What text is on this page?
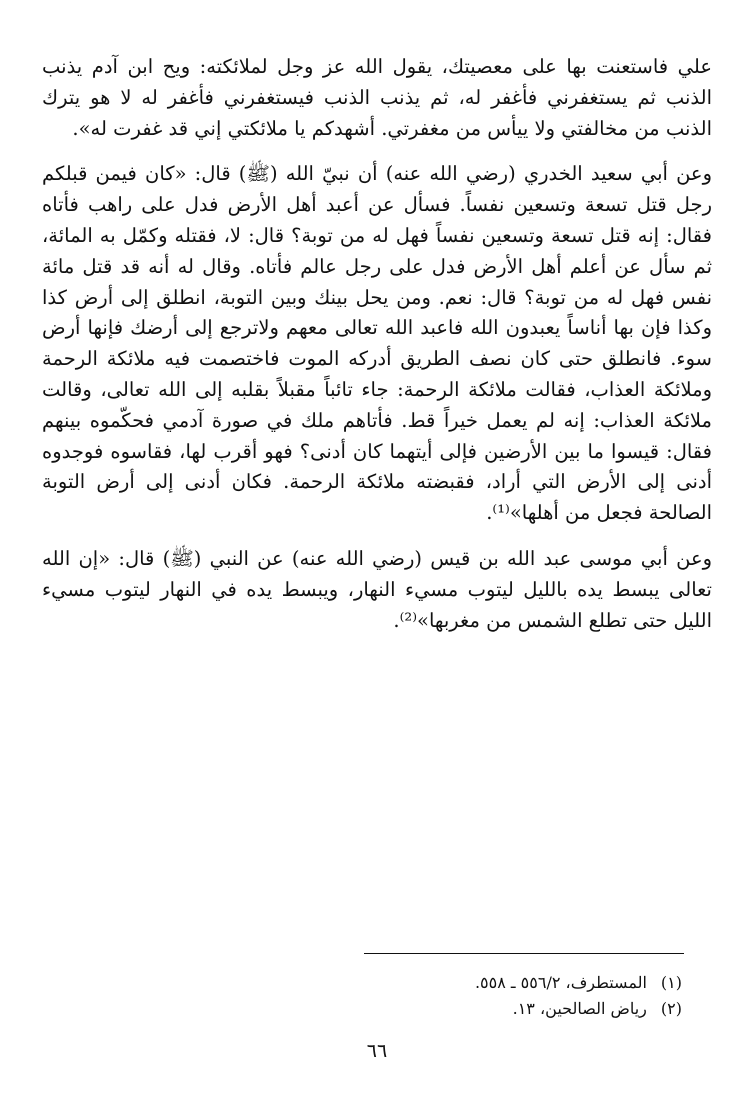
علي فاستعنت بها على معصيتك، يقول الله عز وجل لملائكته: ويح ابن آدم يذنب الذنب ثم يستغفرني فأغفر له، ثم يذنب الذنب فيستغفرني فأغفر له لا هو يترك الذنب من مخالفتي ولا ييأس من مغفرتي. أشهدكم يا ملائكتي إني قد غفرت له».

وعن أبي سعيد الخدري (رضي الله عنه) أن نبيّ الله (ﷺ) قال: «كان فيمن قبلكم رجل قتل تسعة وتسعين نفساً. فسأل عن أعبد أهل الأرض فدل على راهب فأتاه فقال: إنه قتل تسعة وتسعين نفساً فهل له من توبة؟ قال: لا، فقتله وكمّل به المائة، ثم سأل عن أعلم أهل الأرض فدل على رجل عالم فأتاه. وقال له أنه قد قتل مائة نفس فهل له من توبة؟ قال: نعم. ومن يحل بينك وبين التوبة، انطلق إلى أرض كذا وكذا فإن بها أناساً يعبدون الله فاعبد الله تعالى معهم ولاترجع إلى أرضك فإنها أرض سوء. فانطلق حتى كان نصف الطريق أدركه الموت فاختصمت فيه ملائكة الرحمة وملائكة العذاب، فقالت ملائكة الرحمة: جاء تائباً مقبلاً بقلبه إلى الله تعالى، وقالت ملائكة العذاب: إنه لم يعمل خيراً قط. فأتاهم ملك في صورة آدمي فحكّموه بينهم فقال: قيسوا ما بين الأرضين فإلى أيتهما كان أدنى؟ فهو أقرب لها، فقاسوه فوجدوه أدنى إلى الأرض التي أراد، فقبضته ملائكة الرحمة. فكان أدنى إلى أرض التوبة الصالحة فجعل من أهلها»⁽¹⁾.

وعن أبي موسى عبد الله بن قيس (رضي الله عنه) عن النبي (ﷺ) قال: «إن الله تعالى يبسط يده بالليل ليتوب مسيء النهار، ويبسط يده في النهار ليتوب مسيء الليل حتى تطلع الشمس من مغربها»⁽²⁾.

(١)المستطرف، ٥٥٦/٢ ـ ٥٥٨.
(٢)رياض الصالحين، ١٣.
٦٦
